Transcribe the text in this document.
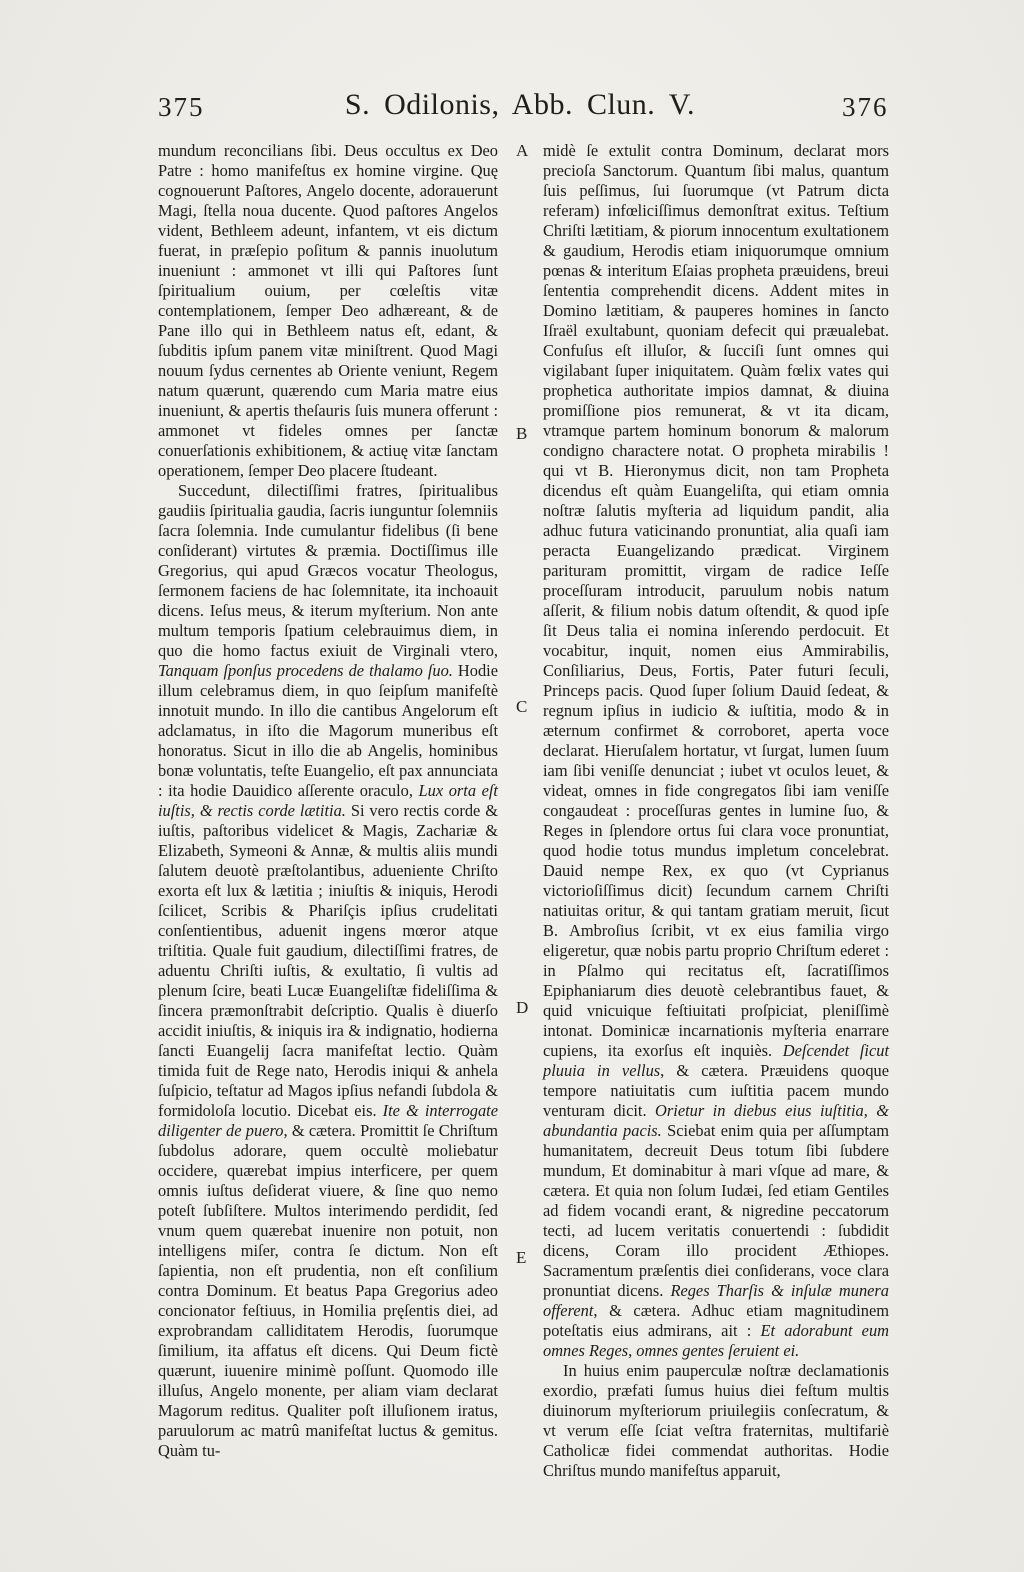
375	S. Odilonis, Abb. Clun. V.	376

mundum reconcilians ſibi. Deus occultus ex Deo Patre : homo manifeſtus ex homine virgine. Quę cognouerunt Paſtores, Angelo docente, adorauerunt Magi, ſtella noua ducente. Quod paſtores Angelos vident, Bethleem adeunt, infantem, vt eis dictum fuerat, in præſepio poſitum & pannis inuolutum inueniunt : ammonet vt illi qui Paſtores ſunt ſpiritualium ouium, per cœleſtis vitæ contemplationem, ſemper Deo adhæreant, & de Pane illo qui in Bethleem natus eſt, edant, & ſubditis ipſum panem vitæ miniſtrent. Quod Magi nouum ſydus cernentes ab Oriente veniunt, Regem natum quærunt, quærendo cum Maria matre eius inueniunt, & apertis theſauris ſuis munera offerunt : ammonet vt fideles omnes per ſanctæ conuerſationis exhibitionem, & actiuę vitæ ſanctam operationem, ſemper Deo placere ſtudeant.

Succedunt, dilectiſſimi fratres, ſpiritualibus gaudiis ſpiritualia gaudia, ſacris iunguntur ſolemniis ſacra ſolemnia. Inde cumulantur fidelibus (ſi bene conſiderant) virtutes & præmia. Doctiſſimus ille Gregorius, qui apud Græcos vocatur Theologus, ſermonem faciens de hac ſolemnitate, ita inchoauit dicens. Ieſus meus, & iterum myſterium. Non ante multum temporis ſpatium celebrauimus diem, in quo die homo factus exiuit de Virginali vtero, Tanquam ſponſus procedens de thalamo ſuo. Hodie illum celebramus diem, in quo ſeipſum manifeſtè innotuit mundo. In illo die cantibus Angelorum eſt adclamatus, in iſto die Magorum muneribus eſt honoratus. Sicut in illo die ab Angelis, hominibus bonæ voluntatis, teſte Euangelio, eſt pax annunciata : ita hodie Dauidico aſſerente oraculo, Lux orta eſt iuſtis, & rectis corde lætitia. Si vero rectis corde & iuſtis, paſtoribus videlicet & Magis, Zachariæ & Elizabeth, Symeoni & Annæ, & multis aliis mundi ſalutem deuotè præſtolantibus, adueniente Chriſto exorta eſt lux & lætitia ; iniuſtis & iniquis, Herodi ſcilicet, Scribis & Phariſçis ipſius crudelitati conſentientibus, aduenit ingens mœror atque triſtitia. Quale fuit gaudium, dilectiſſimi fratres, de aduentu Chriſti iuſtis, & exultatio, ſi vultis ad plenum ſcire, beati Lucæ Euangeliſtæ fideliſſima & ſincera præmonſtrabit deſcriptio. Qualis è diuerſo accidit iniuſtis, & iniquis ira & indignatio, hodierna ſancti Euangelij ſacra manifeſtat lectio. Quàm timida fuit de Rege nato, Herodis iniqui & anhela ſuſpicio, teſtatur ad Magos ipſius nefandi ſubdola & formidoloſa locutio. Dicebat eis. Ite & interrogate diligenter de puero, & cætera. Promittit ſe Chriſtum ſubdolus adorare, quem occultè moliebatur occidere, quærebat impius interficere, per quem omnis iuſtus deſiderat viuere, & ſine quo nemo poteſt ſubſiſtere. Multos interimendo perdidit, ſed vnum quem quærebat inuenire non potuit, non intelligens miſer, contra ſe dictum. Non eſt ſapientia, non eſt prudentia, non eſt conſilium contra Dominum. Et beatus Papa Gregorius adeo concionator feſtiuus, in Homilia pręſentis diei, ad exprobrandam calliditatem Herodis, ſuorumque ſimilium, ita affatus eſt dicens. Qui Deum fictè quærunt, iuuenire minimè poſſunt. Quomodo ille illuſus, Angelo monente, per aliam viam declarat Magorum reditus. Qualiter poſt illuſionem iratus, paruulorum ac matrû manifeſtat luctus & gemitus. Quàm tu-

midè ſe extulit contra Dominum, declarat mors precioſa Sanctorum. Quantum ſibi malus, quantum ſuis peſſimus, ſui ſuorumque (vt Patrum dicta referam) infœliciſſimus demonſtrat exitus. Teſtium Chriſti lætitiam, & piorum innocentum exultationem & gaudium, Herodis etiam iniquorumque omnium pœnas & interitum Eſaias propheta præuidens, breui ſententia comprehendit dicens. Addent mites in Domino lætitiam, & pauperes homines in ſancto Iſraël exultabunt, quoniam defecit qui præualebat. Confuſus eſt illuſor, & ſucciſi ſunt omnes qui vigilabant ſuper iniquitatem. Quàm fœlix vates qui prophetica authoritate impios damnat, & diuina promiſſione pios remunerat, & vt ita dicam, vtramque partem hominum bonorum & malorum condigno charactere notat. O propheta mirabilis ! qui vt B. Hieronymus dicit, non tam Propheta dicendus eſt quàm Euangeliſta, qui etiam omnia noſtræ ſalutis myſteria ad liquidum pandit, alia adhuc futura vaticinando pronuntiat, alia quaſi iam peracta Euangelizando prædicat. Virginem parituram promittit, virgam de radice Ieſſe proceſſuram introducit, paruulum nobis natum aſſerit, & filium nobis datum oſtendit, & quod ipſe ſit Deus talia ei nomina inſerendo perdocuit. Et vocabitur, inquit, nomen eius Ammirabilis, Conſiliarius, Deus, Fortis, Pater futuri ſeculi, Princeps pacis. Quod ſuper ſolium Dauid ſedeat, & regnum ipſius in iudicio & iuſtitia, modo & in æternum confirmet & corroboret, aperta voce declarat. Hieruſalem hortatur, vt ſurgat, lumen ſuum iam ſibi veniſſe denunciat ; iubet vt oculos leuet, & videat, omnes in fide congregatos ſibi iam veniſſe congaudeat : proceſſuras gentes in lumine ſuo, & Reges in ſplendore ortus ſui clara voce pronuntiat, quod hodie totus mundus impletum concelebrat. Dauid nempe Rex, ex quo (vt Cyprianus victorioſiſſimus dicit) ſecundum carnem Chriſti natiuitas oritur, & qui tantam gratiam meruit, ſicut B. Ambroſius ſcribit, vt ex eius familia virgo eligeretur, quæ nobis partu proprio Chriſtum ederet : in Pſalmo qui recitatus eſt, ſacratiſſimos Epiphaniarum dies deuotè celebrantibus fauet, & quid vnicuique feſtiuitati proſpiciat, pleniſſimè intonat. Dominicæ incarnationis myſteria enarrare cupiens, ita exorſus eſt inquiès. Deſcendet ſicut pluuia in vellus, & cætera. Præuidens quoque tempore natiuitatis cum iuſtitia pacem mundo venturam dicit. Orietur in diebus eius iuſtitia, & abundantia pacis. Sciebat enim quia per aſſumptam humanitatem, decreuit Deus totum ſibi ſubdere mundum, Et dominabitur à mari vſque ad mare, & cætera. Et quia non ſolum Iudæi, ſed etiam Gentiles ad fidem vocandi erant, & nigredine peccatorum tecti, ad lucem veritatis conuertendi : ſubdidit dicens, Coram illo procident Æthiopes. Sacramentum præſentis diei conſiderans, voce clara pronuntiat dicens. Reges Tharſis & inſulæ munera offerent, & cætera. Adhuc etiam magnitudinem poteſtatis eius admirans, ait : Et adorabunt eum omnes Reges, omnes gentes ſeruient ei.

In huius enim pauperculæ noſtræ declamationis exordio, præfati ſumus huius diei feſtum multis diuinorum myſteriorum priuilegiis conſecratum, & vt verum eſſe ſciat veſtra fraternitas, multifariè Catholicæ fidei commendat authoritas. Hodie Chriſtus mundo manifeſtus apparuit,

A
B
C
D
E
